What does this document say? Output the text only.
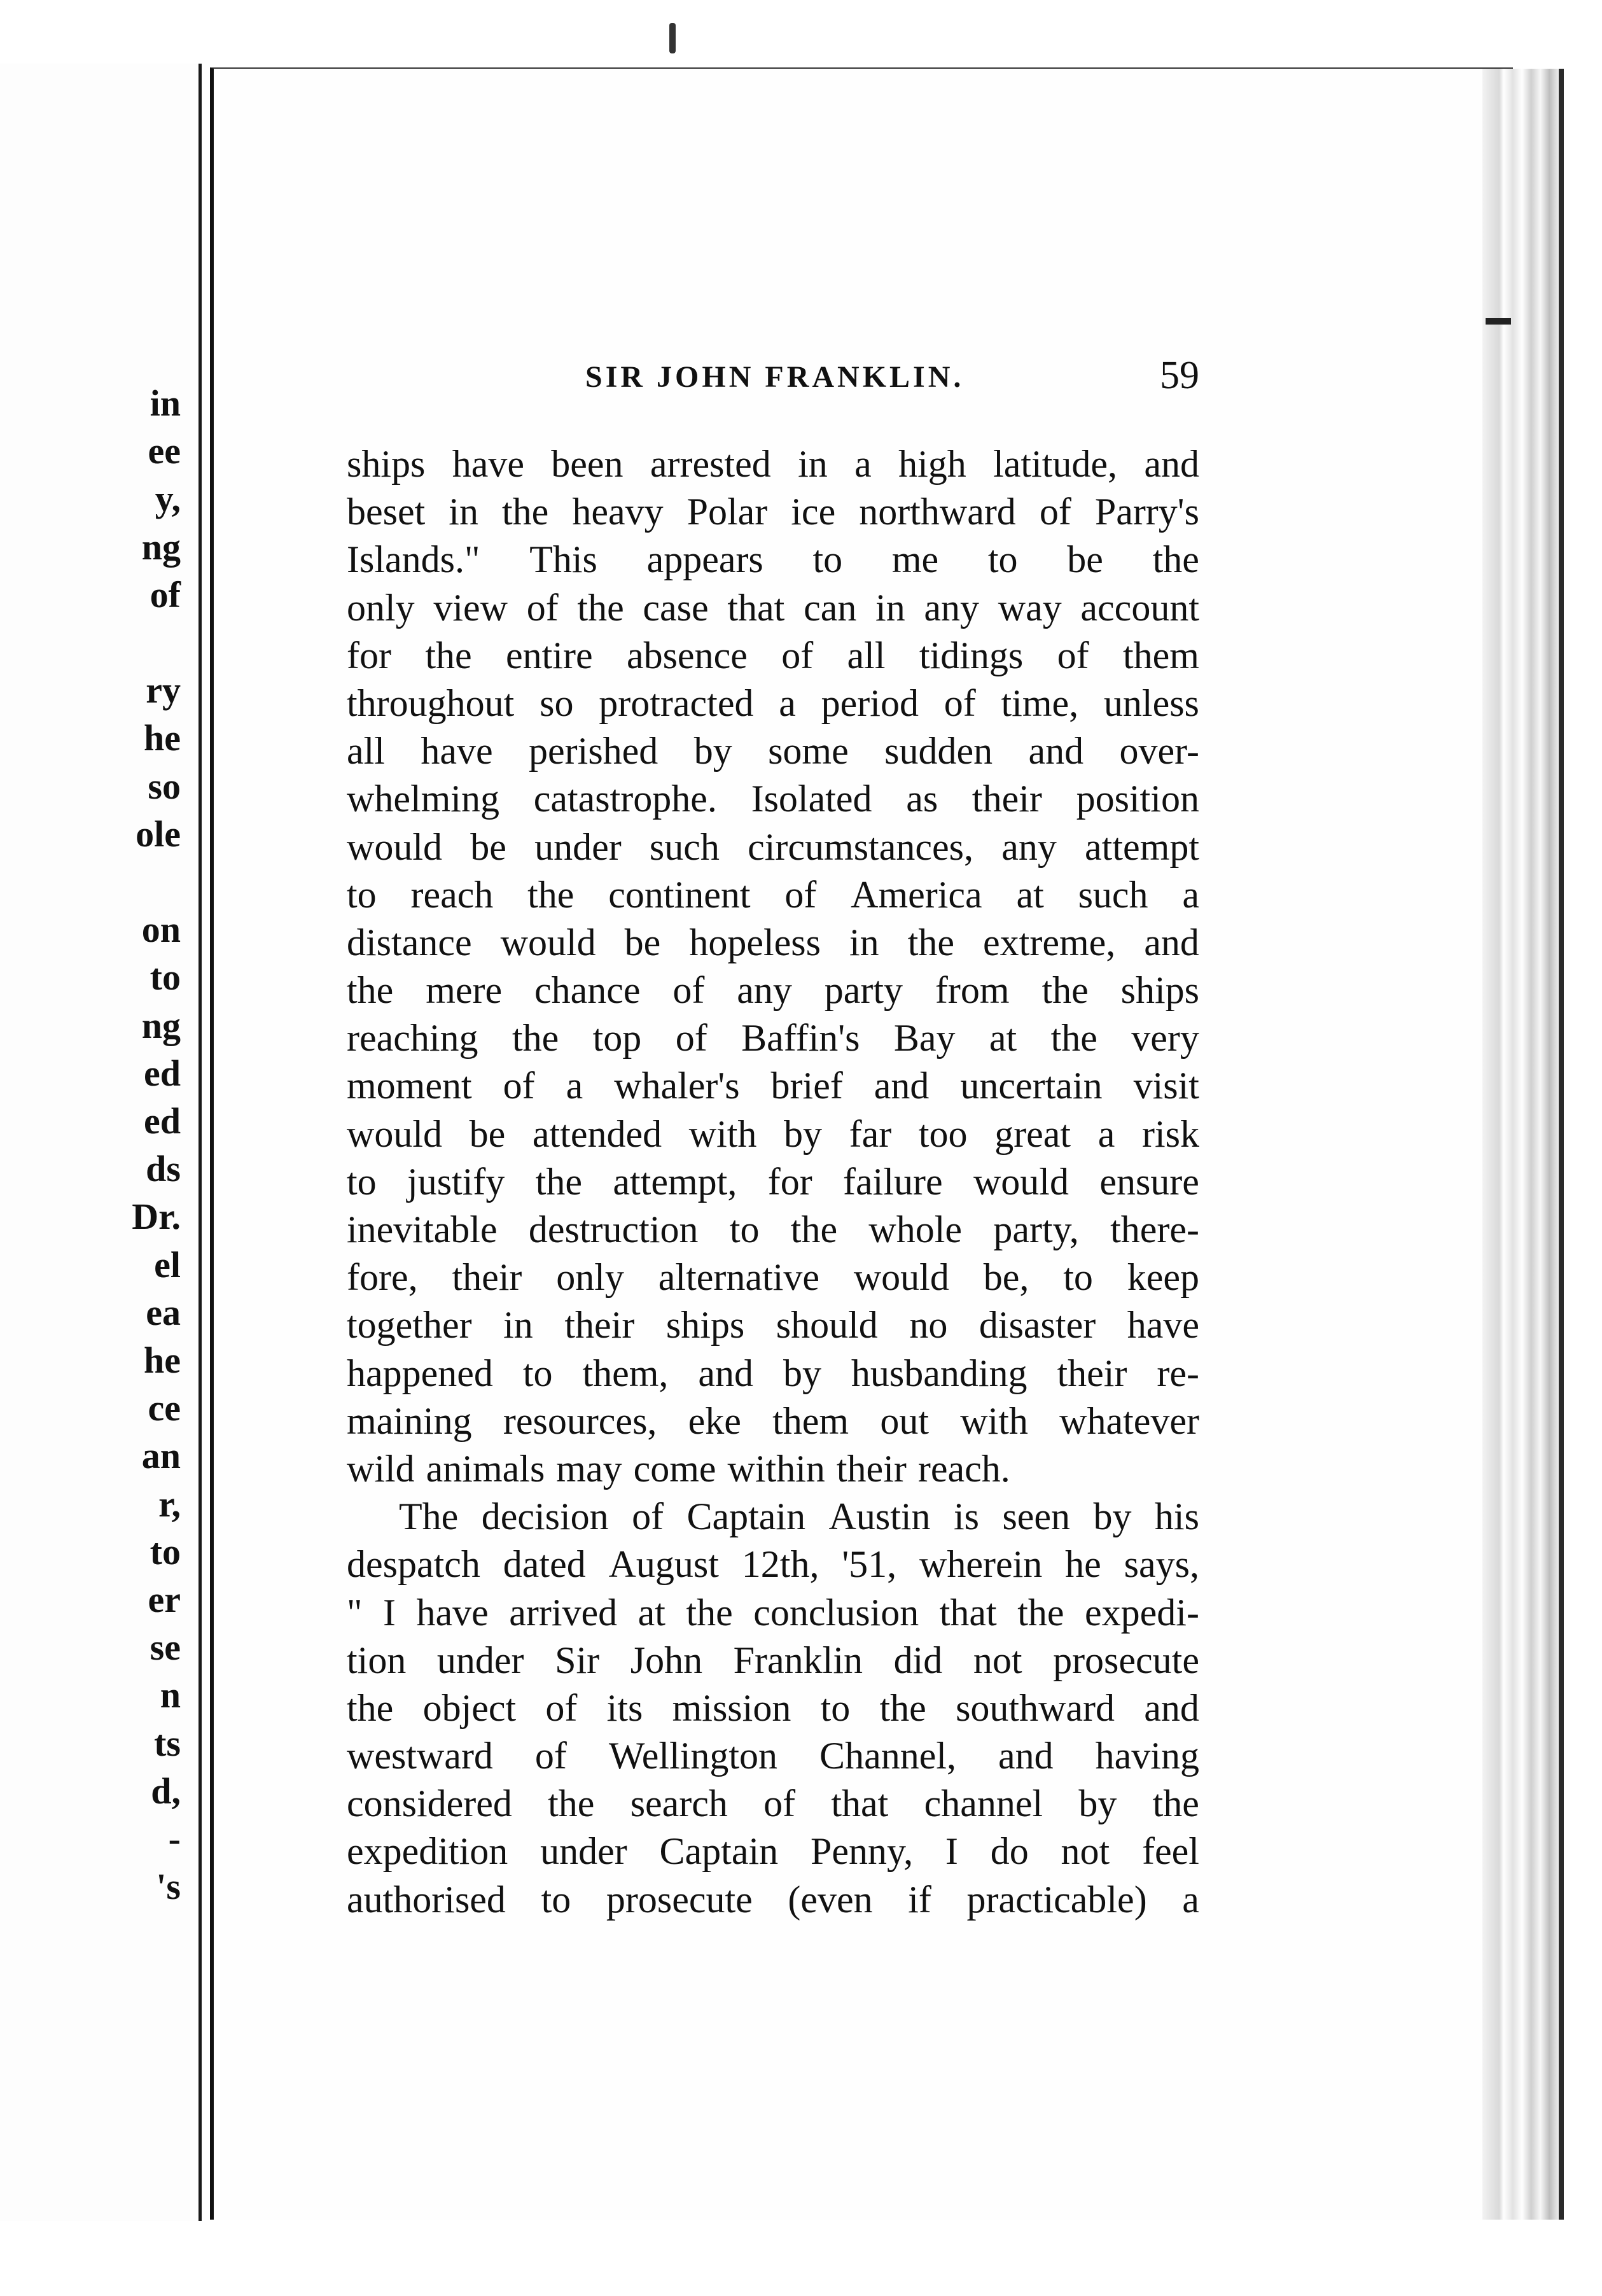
in
ee
y,
ng
of
ry
he
so
ole
on
to
ng
ed
ed
ds
Dr.
el
ea
he
ce
an
r,
to
er
se
n
ts
d,
-
's
SIR JOHN FRANKLIN.	59
ships have been arrested in a high latitude, and
beset in the heavy Polar ice northward of Parry's
Islands." This appears to me to be the
only view of the case that can in any way account
for the entire absence of all tidings of them
throughout so protracted a period of time, unless
all have perished by some sudden and over-
whelming catastrophe. Isolated as their position
would be under such circumstances, any attempt
to reach the continent of America at such a
distance would be hopeless in the extreme, and
the mere chance of any party from the ships
reaching the top of Baffin's Bay at the very
moment of a whaler's brief and uncertain visit
would be attended with by far too great a risk
to justify the attempt, for failure would ensure
inevitable destruction to the whole party, there-
fore, their only alternative would be, to keep
together in their ships should no disaster have
happened to them, and by husbanding their re-
maining resources, eke them out with whatever
wild animals may come within their reach.
The decision of Captain Austin is seen by his
despatch dated August 12th, '51, wherein he says,
" I have arrived at the conclusion that the expedi-
tion under Sir John Franklin did not prosecute
the object of its mission to the southward and
westward of Wellington Channel, and having
considered the search of that channel by the
expedition under Captain Penny, I do not feel
authorised to prosecute (even if practicable) a
